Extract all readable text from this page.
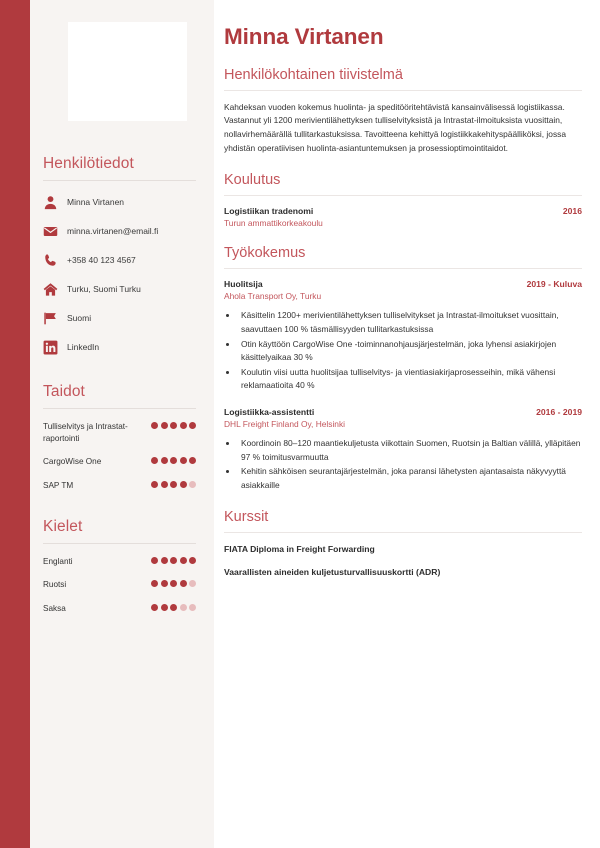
Henkilötiedot
Minna Virtanen
minna.virtanen@email.fi
+358 40 123 4567
Turku, Suomi Turku
Suomi
LinkedIn
Taidot
Tulliselvitys ja Intrastat-raportointi
CargoWise One
SAP TM
Kielet
Englanti
Ruotsi
Saksa
Minna Virtanen
Henkilökohtainen tiivistelmä

Kahdeksan vuoden kokemus huolinta- ja speditööritehtävistä kansainvälisessä logistiikassa. Vastannut yli 1200 merivientilähettyksen tulliselvityksistä ja Intrastat-ilmoituksista vuosittain, nollavirhemäärällä tullitarkastuksissa. Tavoitteena kehittyä logistiikkakehityspäälliköksi, jossa yhdistän operatiivisen huolinta-asiantuntemuksen ja prosessioptimointitaidot.

Koulutus
Logistiikan tradenomi	2016
Turun ammattikorkeakoulu
Työkokemus
Huolitsija	2019 - Kuluva
Ahola Transport Oy, Turku
• Käsittelin 1200+ merivientilähettyksen tulliselvitykset ja Intrastat-ilmoitukset vuosittain, saavuttaen 100 % täsmällisyyden tullitarkastuksissa
• Otin käyttöön CargoWise One -toiminnanohjausjärjestelmän, joka lyhensi asiakirjojen käsittelyaikaa 30 %
• Koulutin viisi uutta huolitsijaa tulliselvitys- ja vientiasiakirjaprosesseihin, mikä vähensi reklamaatioita 40 %
Logistiikka-assistentti	2016 - 2019
DHL Freight Finland Oy, Helsinki
• Koordinoin 80–120 maantiekuljetusta viikottain Suomen, Ruotsin ja Baltian välillä, ylläpitäen 97 % toimitusvarmuutta
• Kehitin sähköisen seurantajärjestelmän, joka paransi lähetysten ajantasaista näkyvyyttä asiakkaille
Kurssit
FIATA Diploma in Freight Forwarding
Vaarallisten aineiden kuljetusturvallisuuskortti (ADR)
